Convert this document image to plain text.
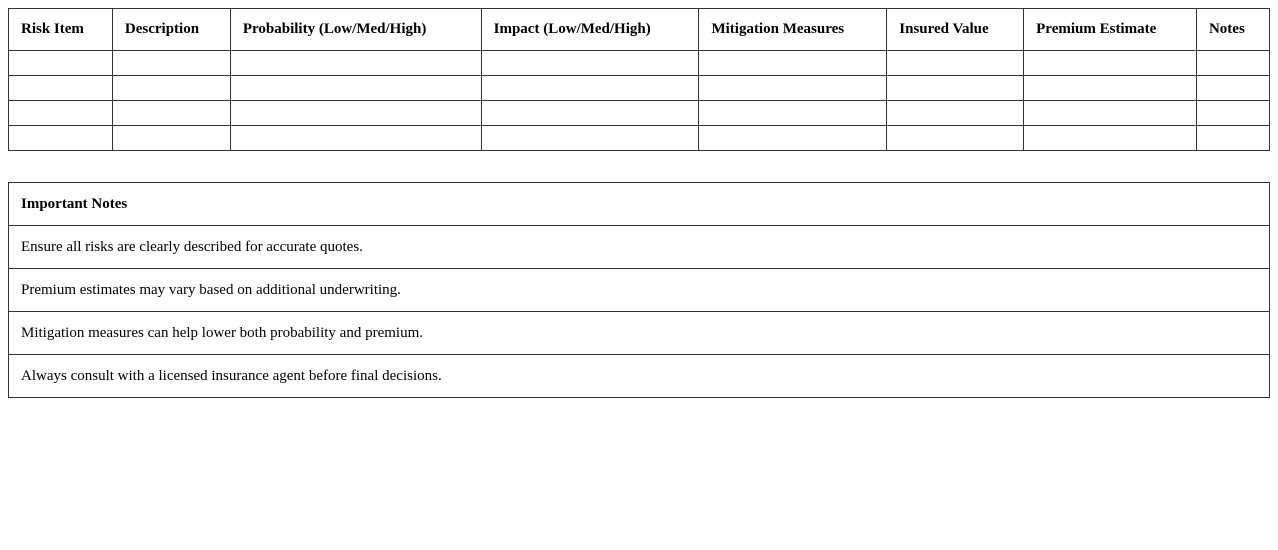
Risk Item	Description	Probability (Low/Med/High)	Impact (Low/Med/High)	Mitigation Measures	Insured Value	Premium Estimate	Notes

Important Notes
Ensure all risks are clearly described for accurate quotes.
Premium estimates may vary based on additional underwriting.
Mitigation measures can help lower both probability and premium.
Always consult with a licensed insurance agent before final decisions.
